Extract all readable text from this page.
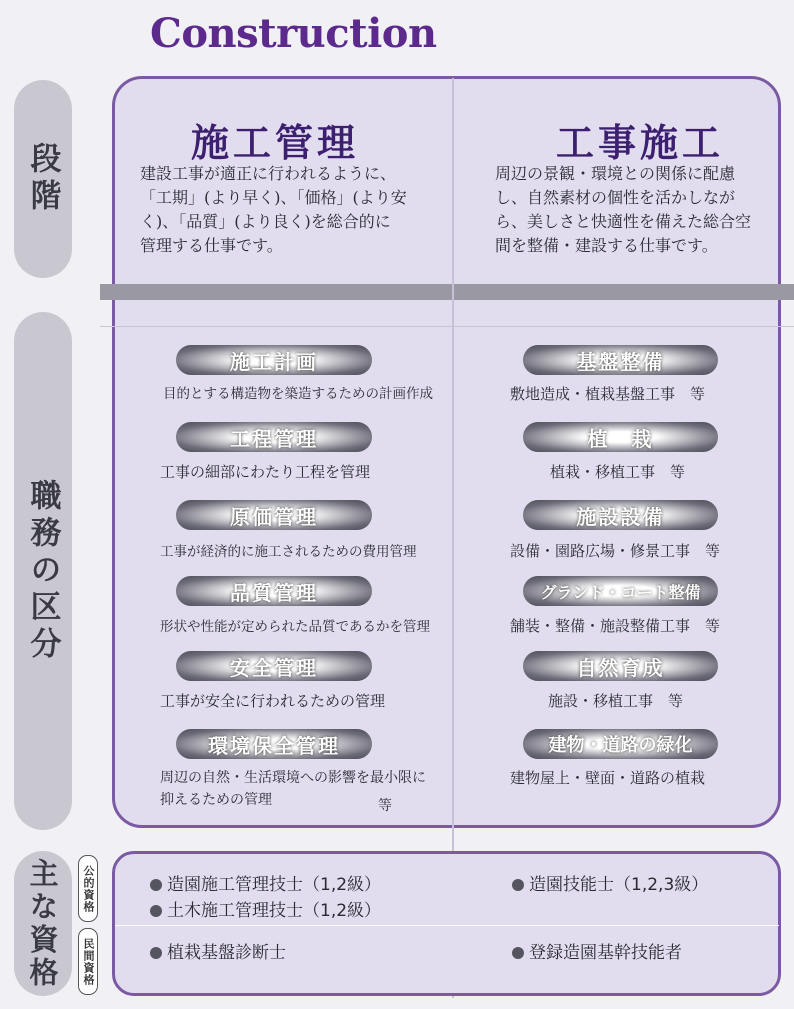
Construction
段階
職務の区分
主な資格
施工管理
建設工事が適正に行われるように、
「工期」(より早く)、「価格」(より安
く)、「品質」(より良く)を総合的に
管理する仕事です。
工事施工
周辺の景観・環境との関係に配慮
し、自然素材の個性を活かしなが
ら、美しさと快適性を備えた総合空
間を整備・建設する仕事です。
施工計画
目的とする構造物を築造するための計画作成
工程管理
工事の細部にわたり工程を管理
原価管理
工事が経済的に施工されるための費用管理
品質管理
形状や性能が定められた品質であるかを管理
安全管理
工事が安全に行われるための管理
環境保全管理
周辺の自然・生活環境への影響を最小限に
抑えるための管理	等
基盤整備
敷地造成・植栽基盤工事　等
植　栽
植栽・移植工事　等
施設設備
設備・園路広場・修景工事　等
グランド・コート整備
舗装・整備・施設整備工事　等
自然育成
施設・移植工事　等
建物・道路の緑化
建物屋上・壁面・道路の植栽
公的資格
民間資格
造園施工管理技士（1,2級）
土木施工管理技士（1,2級）
植栽基盤診断士
造園技能士（1,2,3級）
登録造園基幹技能者
